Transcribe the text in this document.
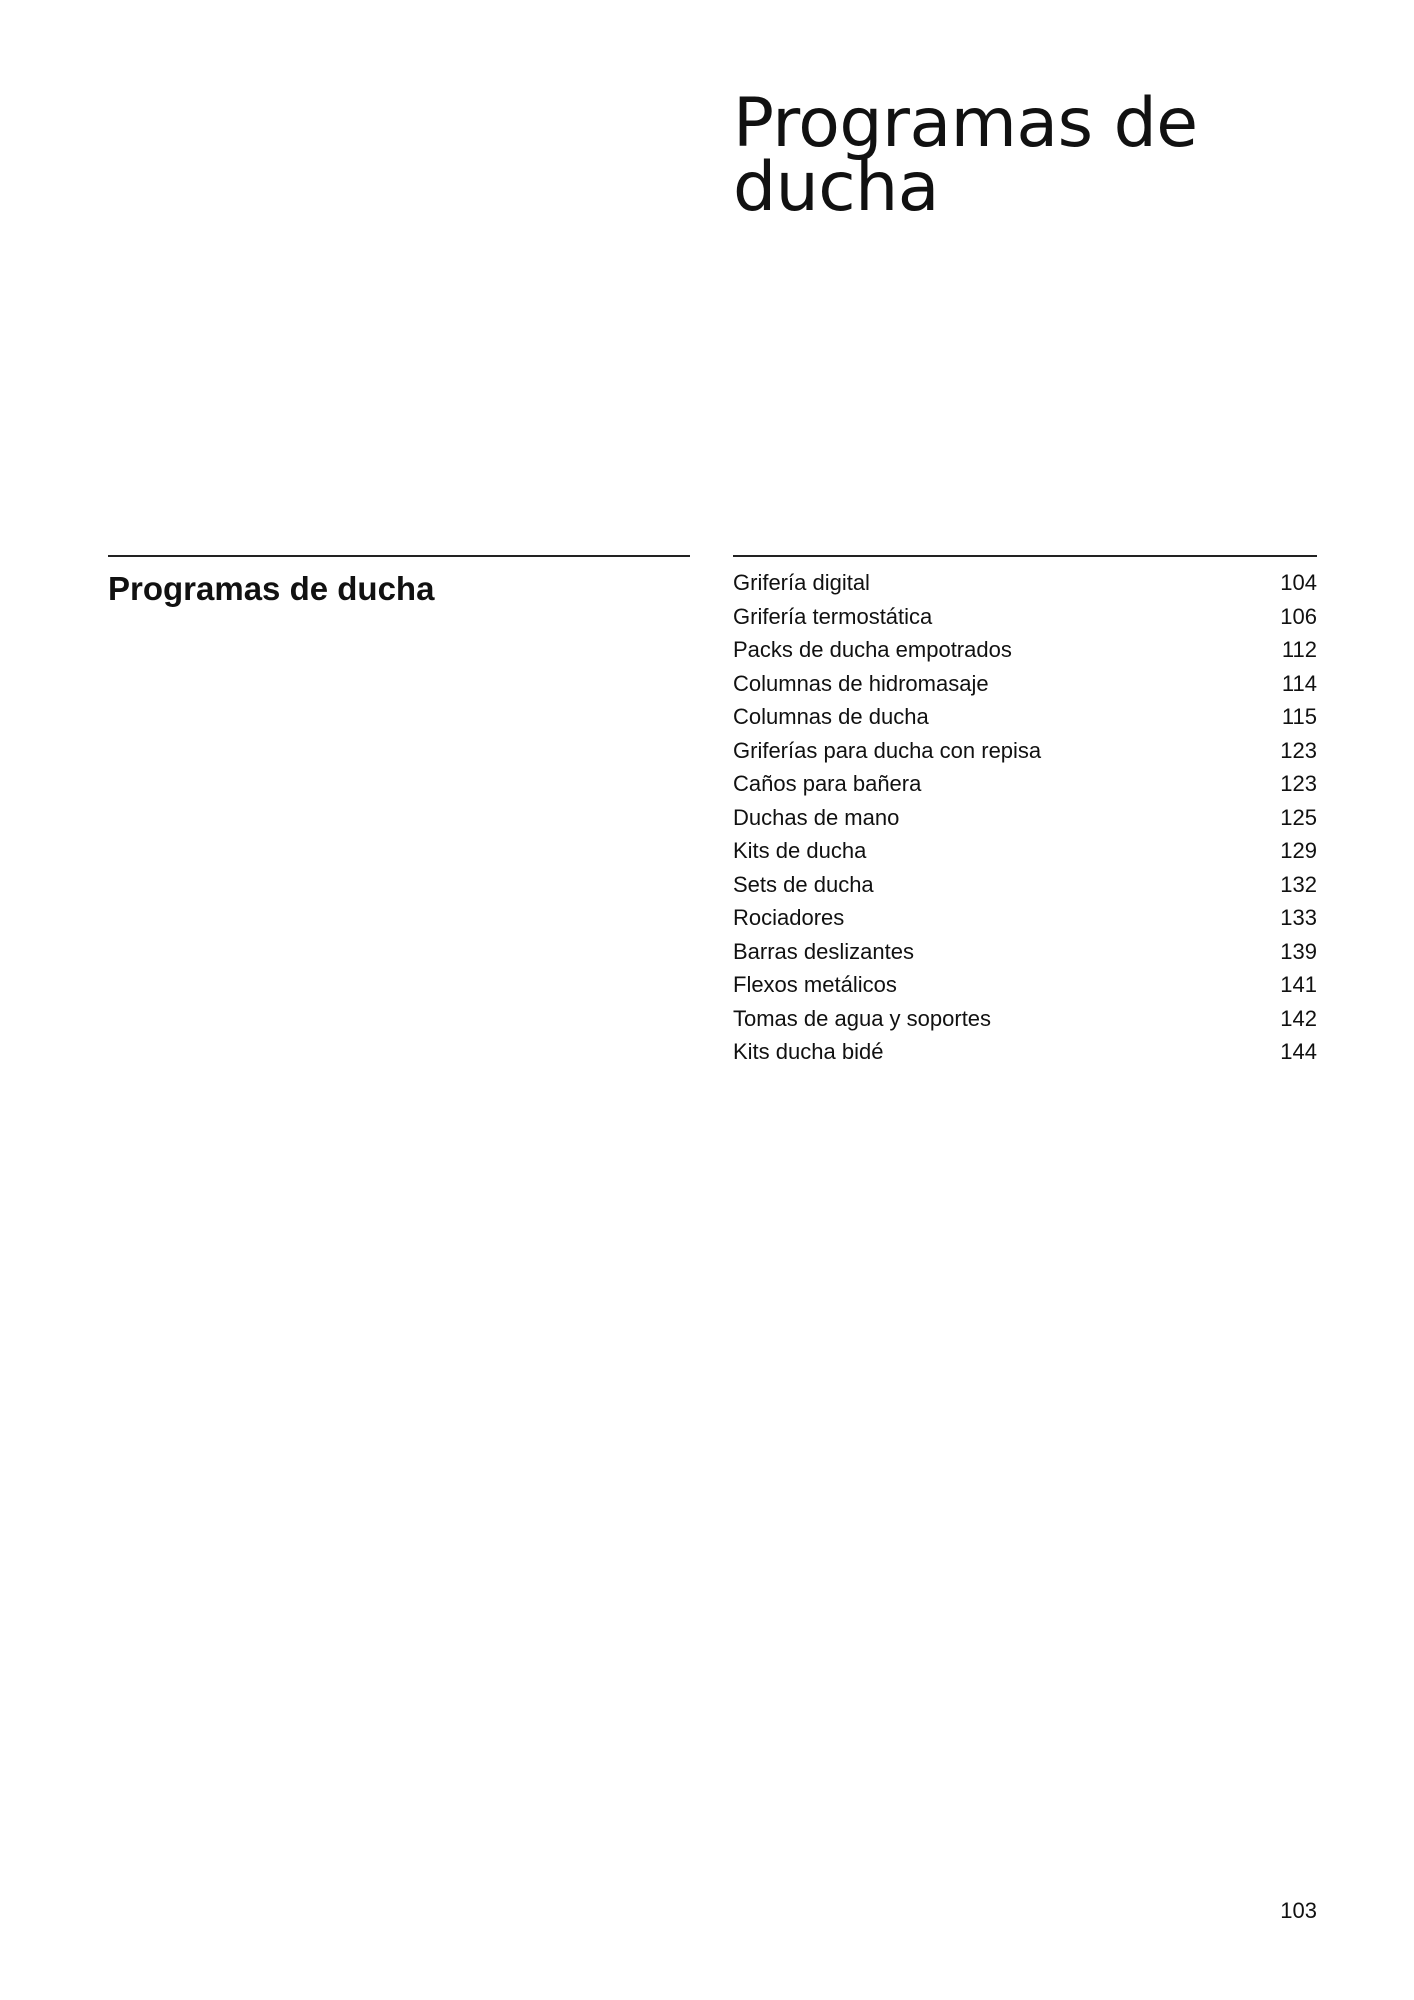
Programas de
ducha
Programas de ducha	Grifería digital	104
Grifería termostática	106
Packs de ducha empotrados	112
Columnas de hidromasaje	114
Columnas de ducha	115
Griferías para ducha con repisa	123
Caños para bañera	123
Duchas de mano	125
Kits de ducha	129
Sets de ducha	132
Rociadores	133
Barras deslizantes	139
Flexos metálicos	141
Tomas de agua y soportes	142
Kits ducha bidé	144
103
